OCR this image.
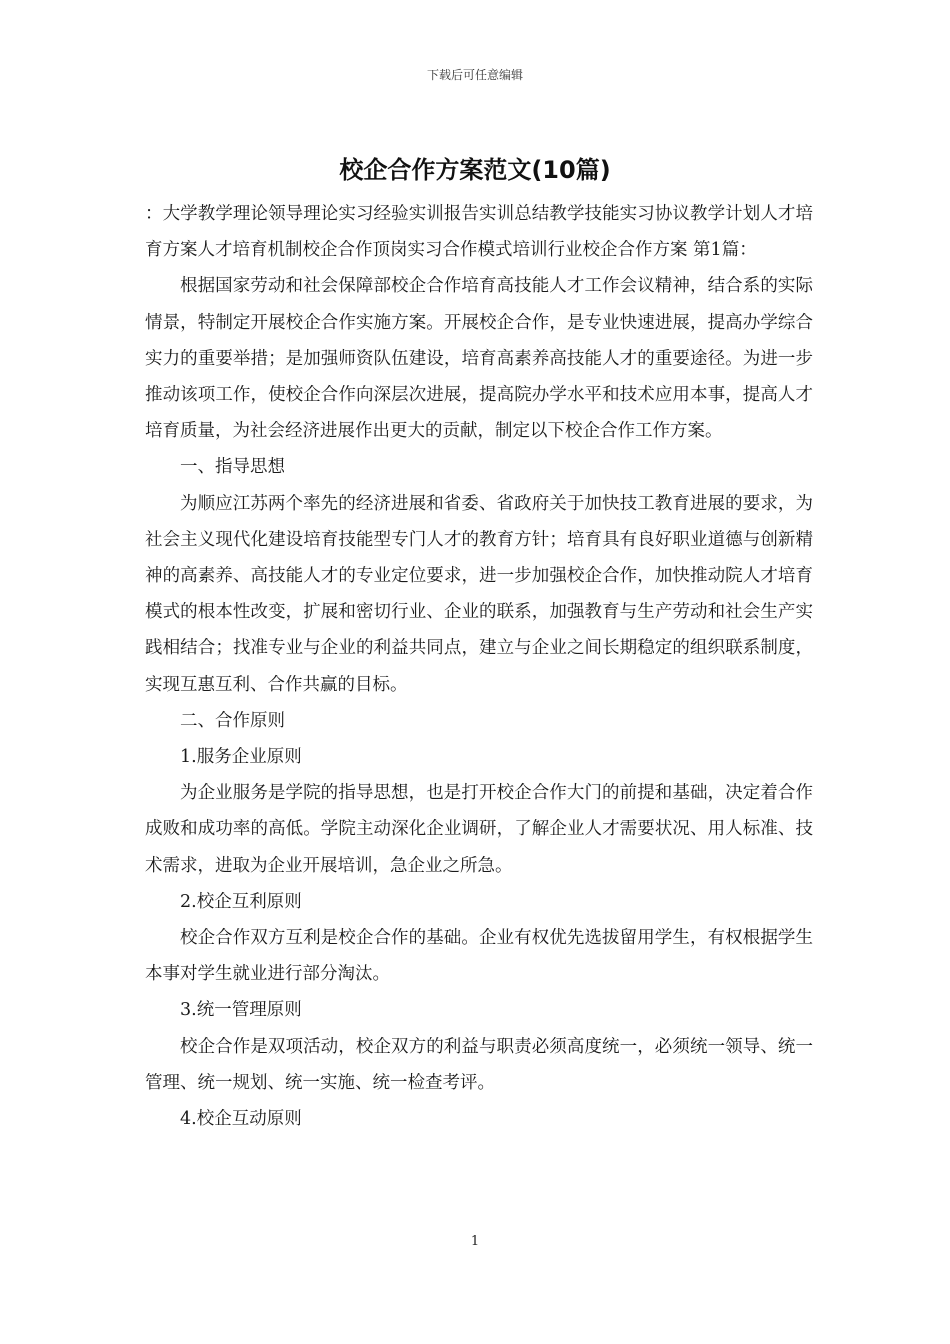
下载后可任意编辑
校企合作方案范文(10篇)

：大学教学理论领导理论实习经验实训报告实训总结教学技能实习协议教学计划人才培育方案人才培育机制校企合作顶岗实习合作模式培训行业校企合作方案 第1篇：

根据国家劳动和社会保障部校企合作培育高技能人才工作会议精神，结合系的实际情景，特制定开展校企合作实施方案。开展校企合作，是专业快速进展，提高办学综合实力的重要举措；是加强师资队伍建设，培育高素养高技能人才的重要途径。为进一步推动该项工作，使校企合作向深层次进展，提高院办学水平和技术应用本事，提高人才培育质量，为社会经济进展作出更大的贡献，制定以下校企合作工作方案。

一、指导思想

为顺应江苏两个率先的经济进展和省委、省政府关于加快技工教育进展的要求，为社会主义现代化建设培育技能型专门人才的教育方针；培育具有良好职业道德与创新精神的高素养、高技能人才的专业定位要求，进一步加强校企合作，加快推动院人才培育模式的根本性改变，扩展和密切行业、企业的联系，加强教育与生产劳动和社会生产实践相结合；找准专业与企业的利益共同点，建立与企业之间长期稳定的组织联系制度，实现互惠互利、合作共赢的目标。

二、合作原则

1.服务企业原则

为企业服务是学院的指导思想，也是打开校企合作大门的前提和基础，决定着合作成败和成功率的高低。学院主动深化企业调研，了解企业人才需要状况、用人标准、技术需求，进取为企业开展培训，急企业之所急。

2.校企互利原则

校企合作双方互利是校企合作的基础。企业有权优先选拔留用学生，有权根据学生本事对学生就业进行部分淘汰。

3.统一管理原则

校企合作是双项活动，校企双方的利益与职责必须高度统一，必须统一领导、统一管理、统一规划、统一实施、统一检查考评。

4.校企互动原则

1
